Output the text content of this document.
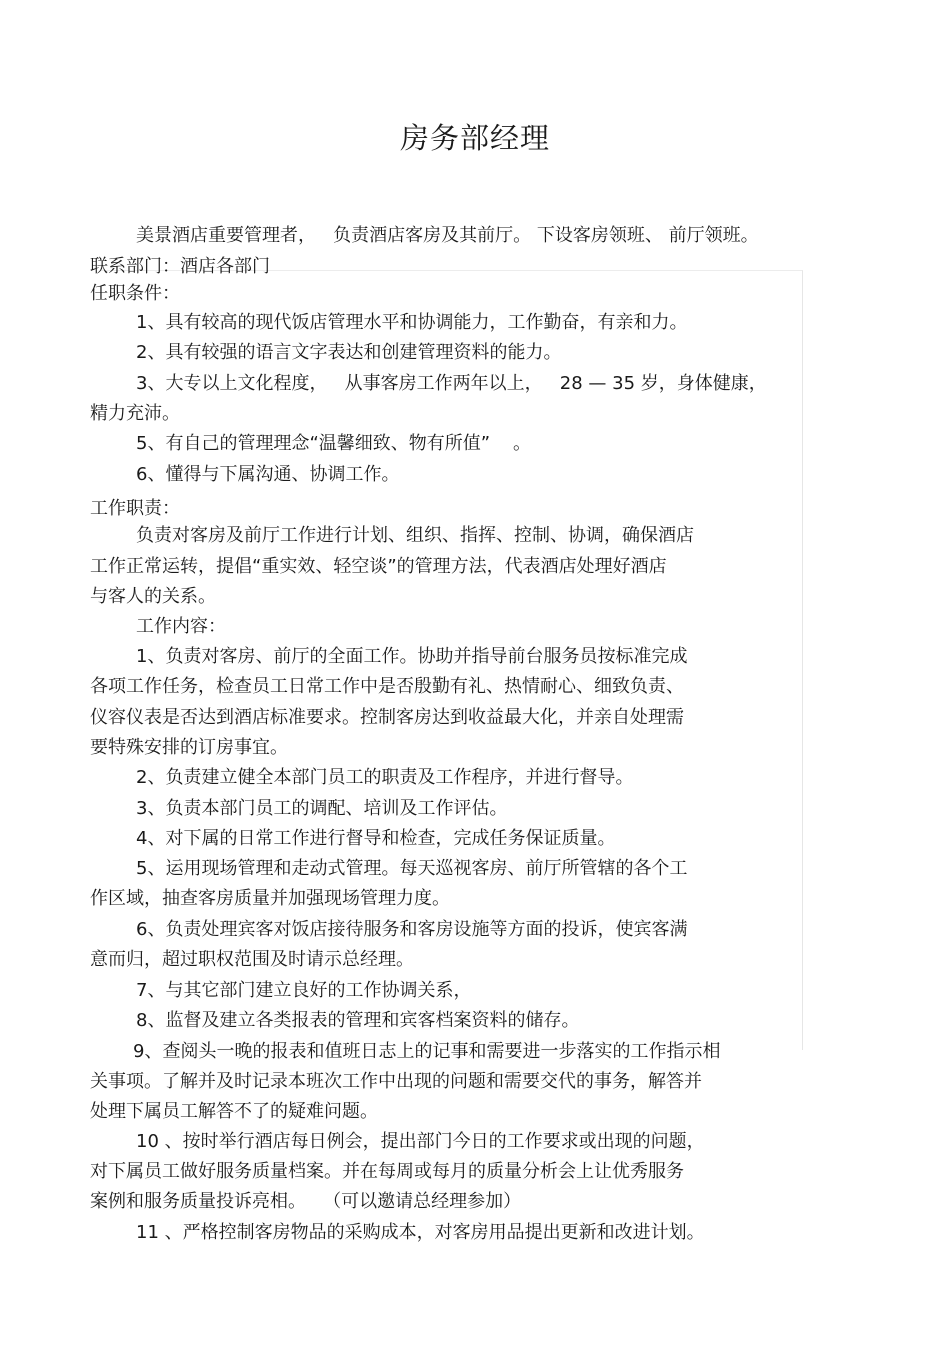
房务部经理
美景酒店重要管理者，   负责酒店客房及其前厅。 下设客房领班、 前厅领班。
联系部门：酒店各部门
任职条件：
1、具有较高的现代饭店管理水平和协调能力，工作勤奋，有亲和力。
2、具有较强的语言文字表达和创建管理资料的能力。
3、大专以上文化程度，   从事客房工作两年以上，   28 — 35 岁，身体健康，
精力充沛。
5、有自己的管理理念“温馨细致、物有所值”    。
6、懂得与下属沟通、协调工作。
工作职责：
负责对客房及前厅工作进行计划、组织、指挥、控制、协调，确保酒店
工作正常运转，提倡“重实效、轻空谈”的管理方法，代表酒店处理好酒店
与客人的关系。
工作内容：
1、负责对客房、前厅的全面工作。协助并指导前台服务员按标准完成
各项工作任务，检查员工日常工作中是否殷勤有礼、热情耐心、细致负责、
仪容仪表是否达到酒店标准要求。控制客房达到收益最大化，并亲自处理需
要特殊安排的订房事宜。
2、负责建立健全本部门员工的职责及工作程序，并进行督导。
3、负责本部门员工的调配、培训及工作评估。
4、对下属的日常工作进行督导和检查，完成任务保证质量。
5、运用现场管理和走动式管理。每天巡视客房、前厅所管辖的各个工
作区域，抽查客房质量并加强现场管理力度。
6、负责处理宾客对饭店接待服务和客房设施等方面的投诉，使宾客满
意而归，超过职权范围及时请示总经理。
7、与其它部门建立良好的工作协调关系，
8、监督及建立各类报表的管理和宾客档案资料的储存。
9、查阅头一晚的报表和值班日志上的记事和需要进一步落实的工作指示相
关事项。了解并及时记录本班次工作中出现的问题和需要交代的事务，解答并
处理下属员工解答不了的疑难问题。
10 、按时举行酒店每日例会，提出部门今日的工作要求或出现的问题，
对下属员工做好服务质量档案。并在每周或每月的质量分析会上让优秀服务
案例和服务质量投诉亮相。   （可以邀请总经理参加）
11 、严格控制客房物品的采购成本，对客房用品提出更新和改进计划。
